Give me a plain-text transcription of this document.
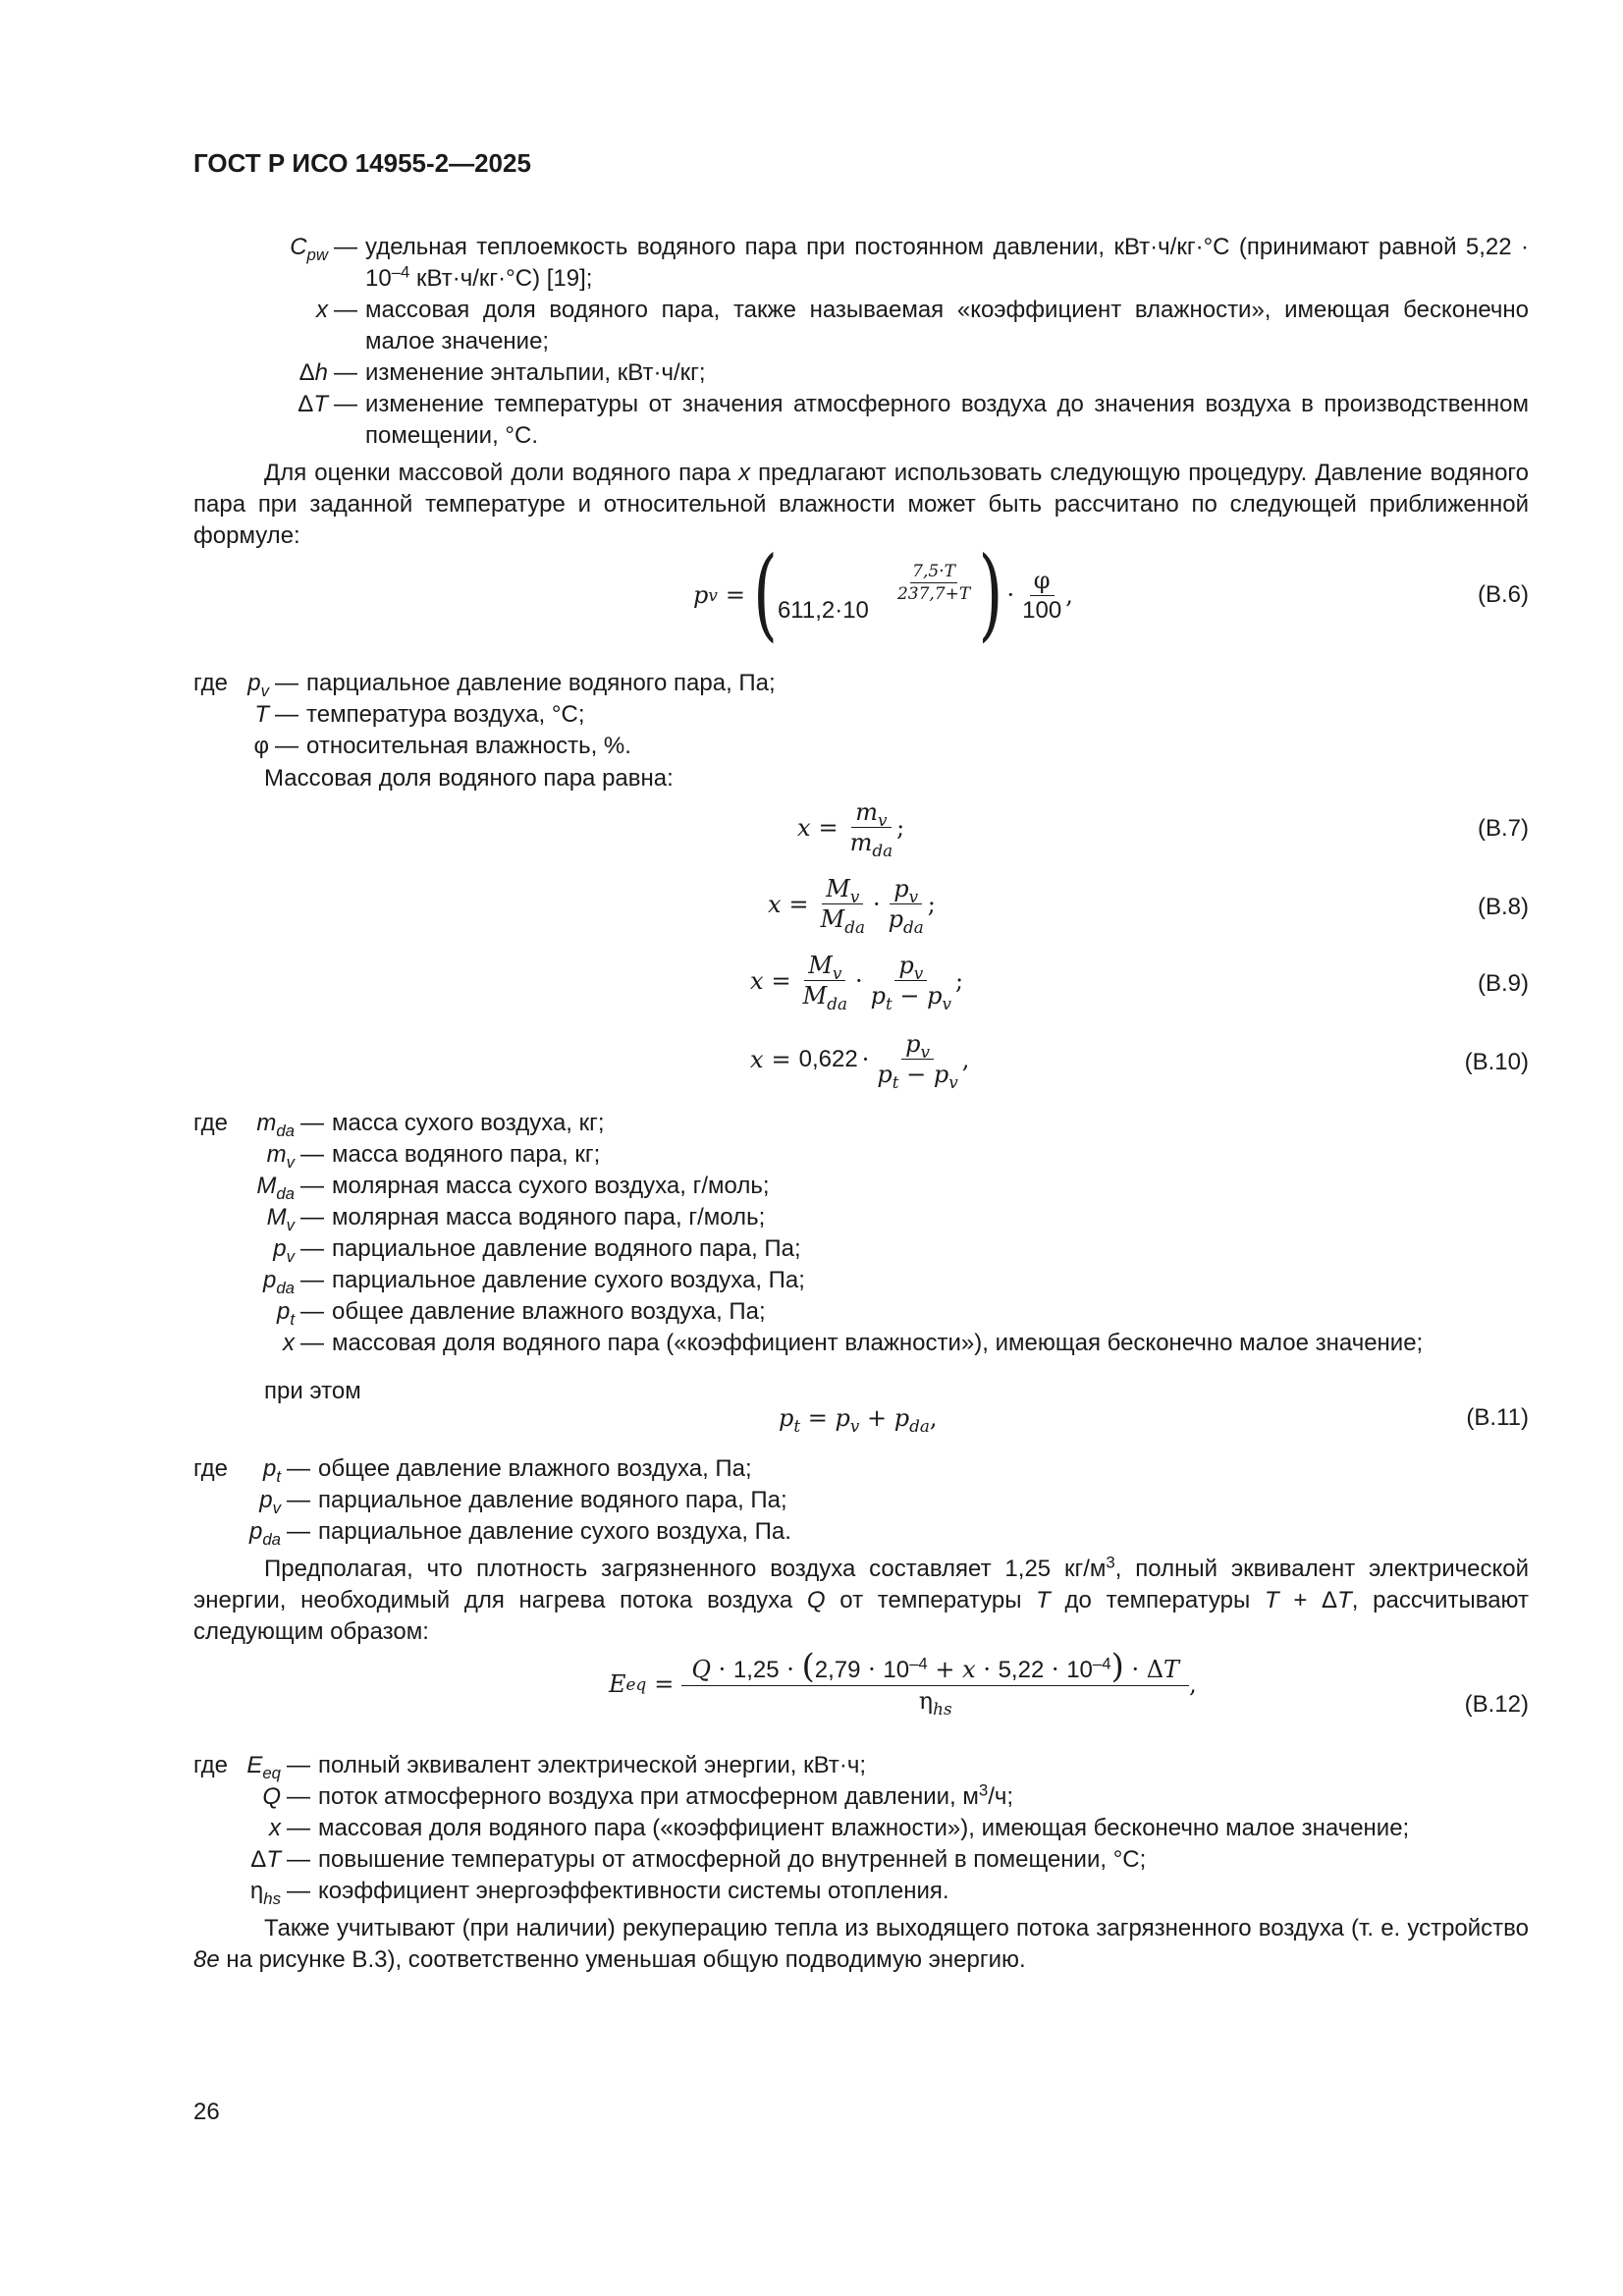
ГОСТ Р ИСО 14955-2—2025
$C_{pw}$ — удельная теплоемкость водяного пара при постоянном давлении, кВт·ч/кг·°С (принимают равной $5,22 \cdot 10^{-4}$ кВт·ч/кг·°С) [19];
x — массовая доля водяного пара, также называемая «коэффициент влажности», имеющая бесконечно малое значение;
Δh — изменение энтальпии, кВт·ч/кг;
ΔT — изменение температуры от значения атмосферного воздуха до значения воздуха в производственном помещении, °С.
Для оценки массовой доли водяного пара x предлагают использовать следующую процедуру. Давление водяного пара при заданной температуре и относительной влажности может быть рассчитано по следующей приближенной формуле:
p v = ( 611,2·10
7,5·T
237,7+T ) · $\frac{\varphi}{100}$ ,	(B.6)
где $p_v$ — парциальное давление водяного пара, Па;
T — температура воздуха, °С;
φ — относительная влажность, %.
Массовая доля водяного пара равна:
$x = \frac{m_v}{m_{da}}$ ;	(B.7)
$x = \frac{M_v}{M_{da}} \cdot \frac{p_v}{p_{da}}$ ;	(B.8)
$x = \frac{M_v}{M_{da}} \cdot \frac{p_v}{p_t - p_v}$ ;	(B.9)
$x = 0,622 \cdot \frac{p_v}{p_t - p_v}$ ,	(B.10)
где	$m_{da}$ — масса сухого воздуха, кг;
$m_v$ — масса водяного пара, кг;
$M_{da}$ — молярная масса сухого воздуха, г/моль;
$M_v$ — молярная масса водяного пара, г/моль;
$p_v$ — парциальное давление водяного пара, Па;
$p_{da}$ — парциальное давление сухого воздуха, Па;
$p_t$ — общее давление влажного воздуха, Па;
x — массовая доля водяного пара («коэффициент влажности»), имеющая бесконечно малое значение;
при этом
$p_t = p_v + p_{da}$,	(B.11)
где	$p_t$ — общее давление влажного воздуха, Па;
$p_v$ — парциальное давление водяного пара, Па;
$p_{da}$ — парциальное давление сухого воздуха, Па.
Предполагая, что плотность загрязненного воздуха составляет 1,25 $кг/м^3$, полный эквивалент электрической энергии, необходимый для нагрева потока воздуха Q от температуры T до температуры T + ΔT, рассчитывают следующим образом:
E eq = $\frac{Q \cdot 1,25 \cdot (2,79 \cdot 10^{-4} + x \cdot 5,22 \cdot 10^{-4}) \cdot \Delta T}{\eta_{hs}}$ ,
(B.12)
где $E_{eq}$ — полный эквивалент электрической энергии, кВт·ч;
Q — поток атмосферного воздуха при атмосферном давлении, $м^3/ч$;
x — массовая доля водяного пара («коэффициент влажности»), имеющая бесконечно малое значение;
ΔT — повышение температуры от атмосферной до внутренней в помещении, °С;
$\eta_{hs}$ — коэффициент энергоэффективности системы отопления.
Также учитывают (при наличии) рекуперацию тепла из выходящего потока загрязненного воздуха (т. е. устройство 8e на рисунке B.3), соответственно уменьшая общую подводимую энергию.
26
